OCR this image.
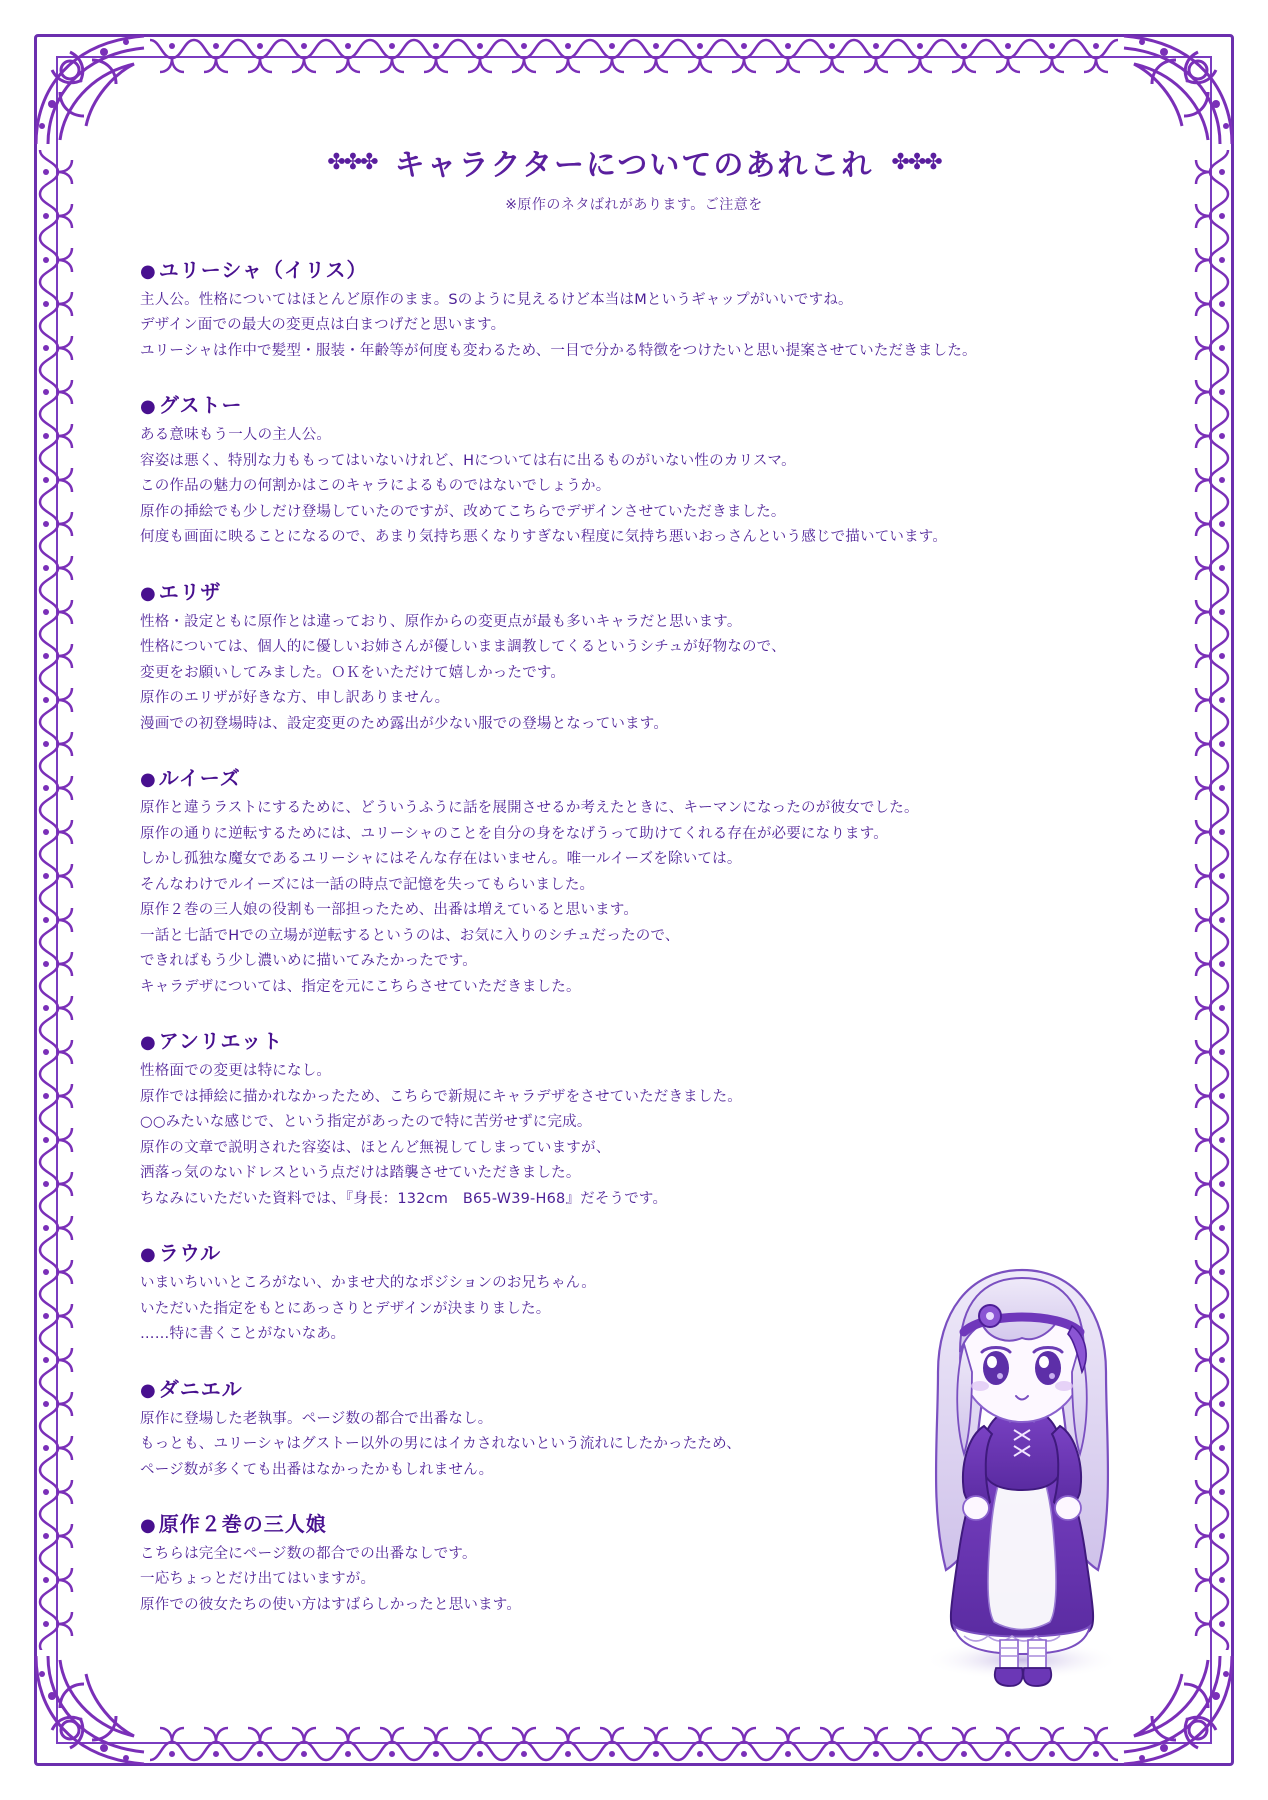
✤✤✤ キャラクターについてのあれこれ ✤✤✤
※原作のネタばれがあります。ご注意を
● ユリーシャ（イリス）

主人公。性格についてはほとんど原作のまま。Sのように見えるけど本当はMというギャップがいいですね。

デザイン面での最大の変更点は白まつげだと思います。

ユリーシャは作中で髪型・服装・年齢等が何度も変わるため、一目で分かる特徴をつけたいと思い提案させていただきました。

● グストー

ある意味もう一人の主人公。

容姿は悪く、特別な力ももってはいないけれど、Hについては右に出るものがいない性のカリスマ。

この作品の魅力の何割かはこのキャラによるものではないでしょうか。

原作の挿絵でも少しだけ登場していたのですが、改めてこちらでデザインさせていただきました。

何度も画面に映ることになるので、あまり気持ち悪くなりすぎない程度に気持ち悪いおっさんという感じで描いています。

● エリザ

性格・設定ともに原作とは違っており、原作からの変更点が最も多いキャラだと思います。

性格については、個人的に優しいお姉さんが優しいまま調教してくるというシチュが好物なので、

変更をお願いしてみました。ＯＫをいただけて嬉しかったです。

原作のエリザが好きな方、申し訳ありません。

漫画での初登場時は、設定変更のため露出が少ない服での登場となっています。

● ルイーズ

原作と違うラストにするために、どういうふうに話を展開させるか考えたときに、キーマンになったのが彼女でした。

原作の通りに逆転するためには、ユリーシャのことを自分の身をなげうって助けてくれる存在が必要になります。

しかし孤独な魔女であるユリーシャにはそんな存在はいません。唯一ルイーズを除いては。

そんなわけでルイーズには一話の時点で記憶を失ってもらいました。

原作２巻の三人娘の役割も一部担ったため、出番は増えていると思います。

一話と七話でHでの立場が逆転するというのは、お気に入りのシチュだったので、

できればもう少し濃いめに描いてみたかったです。

キャラデザについては、指定を元にこちらさせていただきました。

● アンリエット

性格面での変更は特になし。

原作では挿絵に描かれなかったため、こちらで新規にキャラデザをさせていただきました。

○○みたいな感じで、という指定があったので特に苦労せずに完成。

原作の文章で説明された容姿は、ほとんど無視してしまっていますが、

洒落っ気のないドレスという点だけは踏襲させていただきました。

ちなみにいただいた資料では、『身長：132cm　B65-W39-H68』だそうです。

● ラウル

いまいちいいところがない、かませ犬的なポジションのお兄ちゃん。

いただいた指定をもとにあっさりとデザインが決まりました。

……特に書くことがないなあ。

● ダニエル

原作に登場した老執事。ページ数の都合で出番なし。

もっとも、ユリーシャはグストー以外の男にはイカされないという流れにしたかったため、

ページ数が多くても出番はなかったかもしれません。

● 原作２巻の三人娘

こちらは完全にページ数の都合での出番なしです。

一応ちょっとだけ出てはいますが。

原作での彼女たちの使い方はすばらしかったと思います。
